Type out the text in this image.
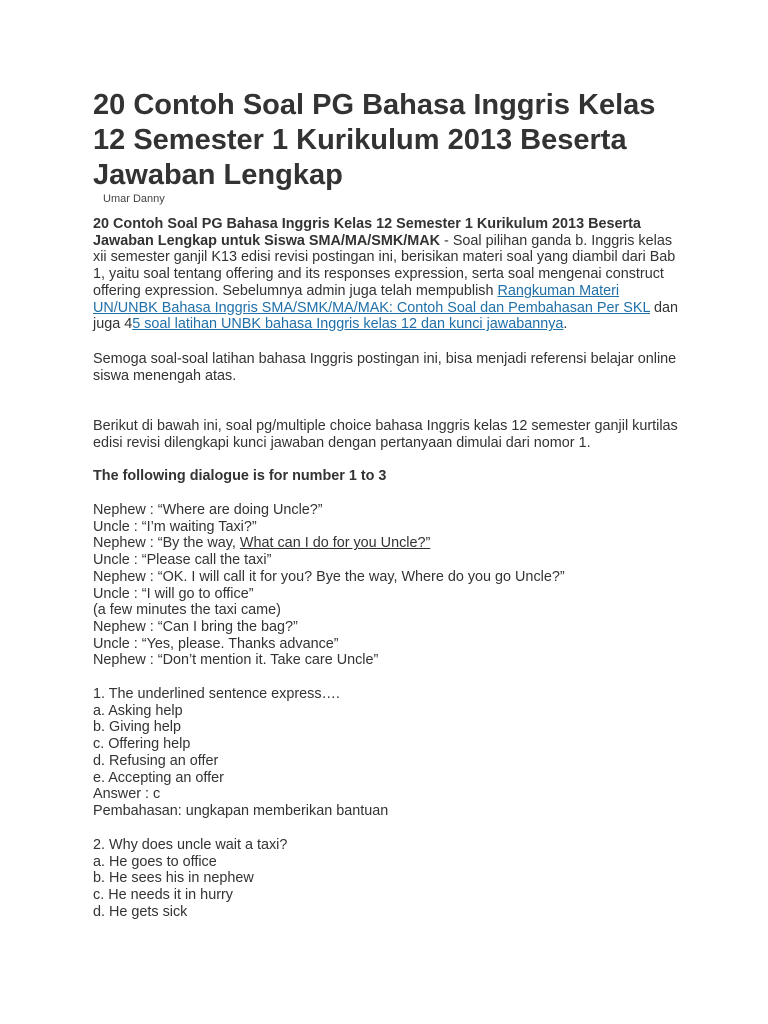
20 Contoh Soal PG Bahasa Inggris Kelas 12 Semester 1 Kurikulum 2013 Beserta Jawaban Lengkap
Umar Danny

20 Contoh Soal PG Bahasa Inggris Kelas 12 Semester 1 Kurikulum 2013 Beserta Jawaban Lengkap untuk Siswa SMA/MA/SMK/MAK - Soal pilihan ganda b. Inggris kelas xii semester ganjil K13 edisi revisi postingan ini, berisikan materi soal yang diambil dari Bab 1, yaitu soal tentang offering and its responses expression, serta soal mengenai construct offering expression. Sebelumnya admin juga telah mempublish Rangkuman Materi UN/UNBK Bahasa Inggris SMA/SMK/MA/MAK: Contoh Soal dan Pembahasan Per SKL dan juga 45 soal latihan UNBK bahasa Inggris kelas 12 dan kunci jawabannya.

Semoga soal-soal latihan bahasa Inggris postingan ini, bisa menjadi referensi belajar online siswa menengah atas.

Berikut di bawah ini, soal pg/multiple choice bahasa Inggris kelas 12 semester ganjil kurtilas edisi revisi dilengkapi kunci jawaban dengan pertanyaan dimulai dari nomor 1.

The following dialogue is for number 1 to 3

Nephew : “Where are doing Uncle?”

Uncle : “I’m waiting Taxi?”

Nephew : “By the way, What can I do for you Uncle?”

Uncle : “Please call the taxi”

Nephew : “OK. I will call it for you? Bye the way, Where do you go Uncle?”

Uncle : “I will go to office”

(a few minutes the taxi came)

Nephew : “Can I bring the bag?”

Uncle : “Yes, please. Thanks advance”

Nephew : “Don’t mention it. Take care Uncle”

1. The underlined sentence express….

a. Asking help

b. Giving help

c. Offering help

d. Refusing an offer

e. Accepting an offer

Answer : c

Pembahasan: ungkapan memberikan bantuan

2. Why does uncle wait a taxi?

a. He goes to office

b. He sees his in nephew

c. He needs it in hurry

d. He gets sick
